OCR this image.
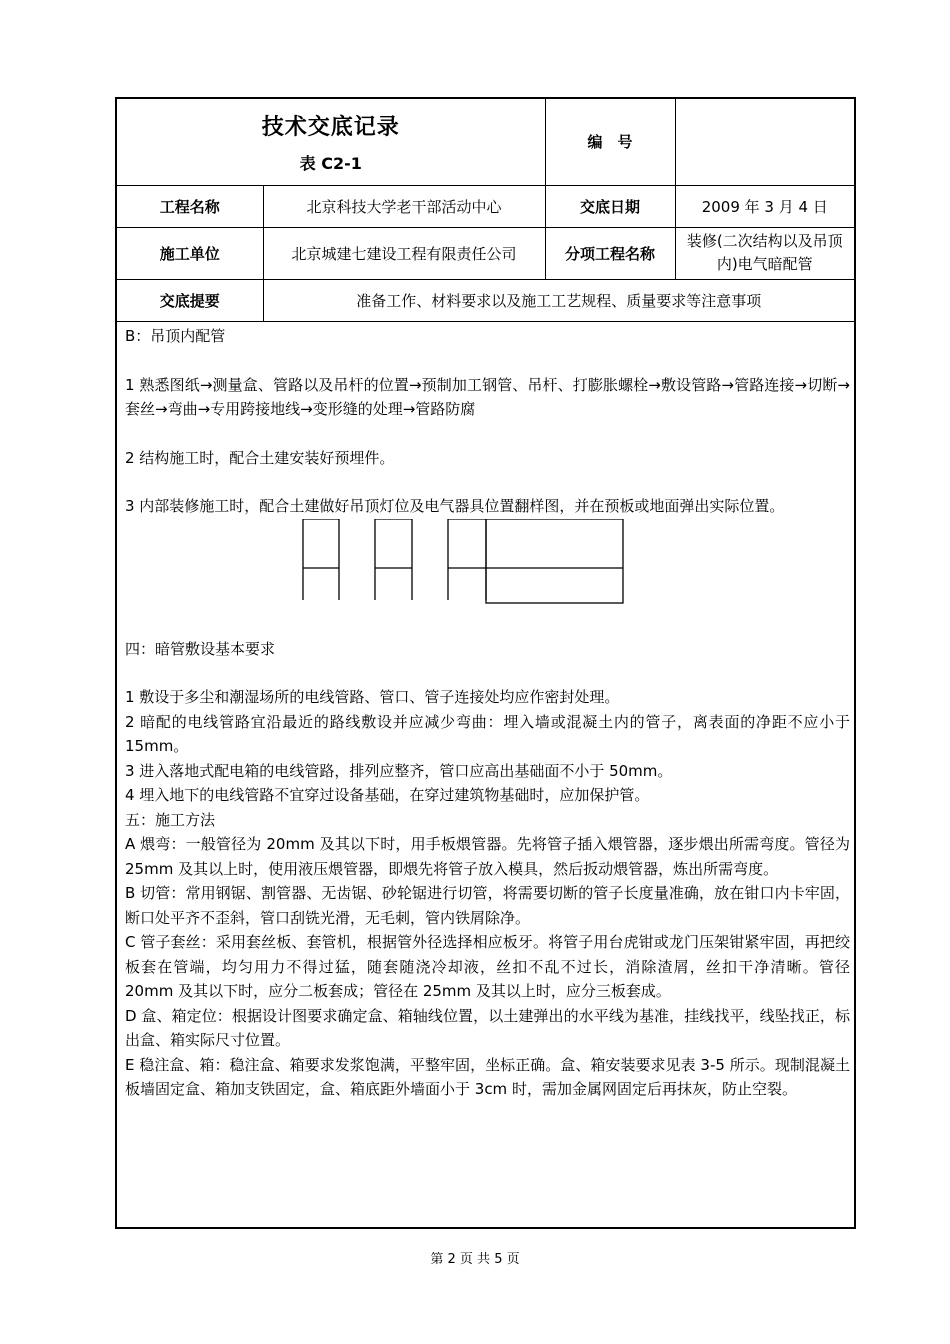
技术交底记录
表 C2-1		编　号	
工程名称	北京科技大学老干部活动中心	交底日期	2009 年 3 月 4 日
施工单位	北京城建七建设工程有限责任公司	分项工程名称	装修(二次结构以及吊顶内)电气暗配管
交底提要	准备工作、材料要求以及施工工艺规程、质量要求等注意事项		

B：吊顶内配管

1 熟悉图纸→测量盒、管路以及吊杆的位置→预制加工钢管、吊杆、打膨胀螺栓→敷设管路→管路连接→切断→套丝→弯曲→专用跨接地线→变形缝的处理→管路防腐

2 结构施工时，配合土建安装好预埋件。

3 内部装修施工时，配合土建做好吊顶灯位及电气器具位置翻样图，并在预板或地面弹出实际位置。

四：暗管敷设基本要求

1 敷设于多尘和潮湿场所的电线管路、管口、管子连接处均应作密封处理。

2 暗配的电线管路宜沿最近的路线敷设并应减少弯曲：埋入墙或混凝土内的管子，离表面的净距不应小于 15mm。

3 进入落地式配电箱的电线管路，排列应整齐，管口应高出基础面不小于 50mm。

4 埋入地下的电线管路不宜穿过设备基础，在穿过建筑物基础时，应加保护管。

五：施工方法

A 煨弯：一般管径为 20mm 及其以下时，用手板煨管器。先将管子插入煨管器，逐步煨出所需弯度。管径为 25mm 及其以上时，使用液压煨管器，即煨先将管子放入模具，然后扳动煨管器，炼出所需弯度。

B 切管：常用钢锯、割管器、无齿锯、砂轮锯进行切管，将需要切断的管子长度量准确，放在钳口内卡牢固，断口处平齐不歪斜，管口刮铣光滑，无毛刺，管内铁屑除净。

C 管子套丝：采用套丝板、套管机，根据管外径选择相应板牙。将管子用台虎钳或龙门压架钳紧牢固，再把绞板套在管端，均匀用力不得过猛，随套随浇冷却液，丝扣不乱不过长，消除渣屑，丝扣干净清晰。管径 20mm 及其以下时，应分二板套成；管径在 25mm 及其以上时，应分三板套成。

D 盒、箱定位：根据设计图要求确定盒、箱轴线位置，以土建弹出的水平线为基准，挂线找平，线坠找正，标出盒、箱实际尺寸位置。

E 稳注盒、箱：稳注盒、箱要求发浆饱满，平整牢固，坐标正确。盒、箱安装要求见表 3-5 所示。现制混凝土板墙固定盒、箱加支铁固定，盒、箱底距外墙面小于 3cm 时，需加金属网固定后再抹灰，防止空裂。

第 2 页 共 5 页
